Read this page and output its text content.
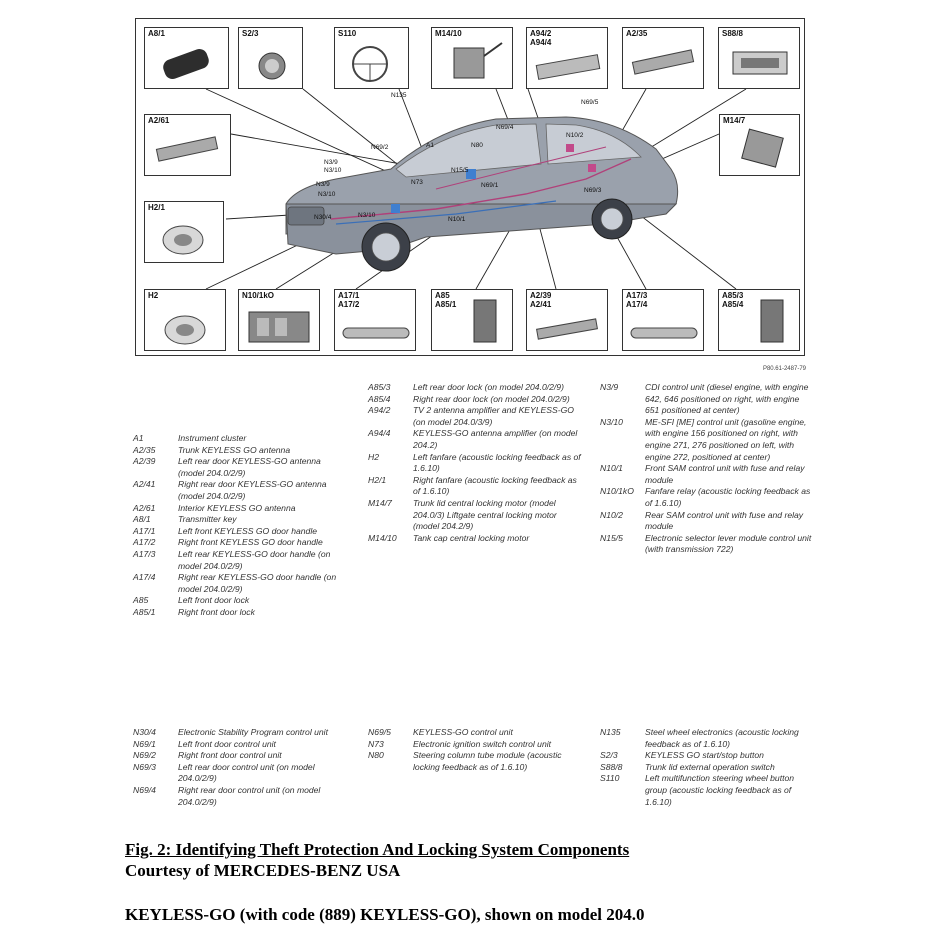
N135
N69/5
N69/4
N10/2
N69/2	A1	N80
N3/9
N3/10	N15/5
N69/1
N73
N3/9
N3/10
N30/4	N3/10
N10/1
N69/3
A8/1	S2/3	S110	M14/10	A94/2
A94/4
A2/35	S88/8
A2/61	M14/7
H2/1
H2	N10/1kO	A17/1
A17/2
A85
A85/1
A2/39
A2/41
A17/3
A17/4
A85/3
A85/4
P80.61-2487-79
A1	Instrument cluster
A2/35	Trunk KEYLESS GO antenna
A2/39	Left rear door KEYLESS-GO antenna (model 204.0/2/9)
A2/41	Right rear door KEYLESS-GO antenna (model 204.0/2/9)
A2/61	Interior KEYLESS GO antenna
A8/1	Transmitter key
A17/1	Left front KEYLESS GO door handle
A17/2	Right front KEYLESS GO door handle
A17/3	Left rear KEYLESS-GO door handle (on model 204.0/2/9)
A17/4	Right rear KEYLESS-GO door handle (on model 204.0/2/9)
A85	Left front door lock
A85/1	Right front door lock
A85/3	Left rear door lock (on model 204.0/2/9)
A85/4	Right rear door lock (on model 204.0/2/9)
A94/2	TV 2 antenna amplifier and KEYLESS-GO (on model 204.0/3/9)
A94/4	KEYLESS-GO antenna amplifier (on model 204.2)
H2	Left fanfare (acoustic locking feedback as of 1.6.10)
H2/1	Right fanfare (acoustic locking feedback as of 1.6.10)
M14/7	Trunk lid central locking motor (model 204.0/3) Liftgate central locking motor (model 204.2/9)
M14/10	Tank cap central locking motor
N3/9	CDI control unit (diesel engine, with engine 642, 646 positioned on right, with engine 651 positioned at center)
N3/10	ME-SFI [ME] control unit (gasoline engine, with engine 156 positioned on right, with engine 271, 276 positioned on left, with engine 272, positioned at center)
N10/1	Front SAM control unit with fuse and relay module
N10/1kO	Fanfare relay (acoustic locking feedback as of 1.6.10)
N10/2	Rear SAM control unit with fuse and relay module
N15/5	Electronic selector lever module control unit (with transmission 722)
N30/4	Electronic Stability Program control unit
N69/1	Left front door control unit
N69/2	Right front door control unit
N69/3	Left rear door control unit (on model 204.0/2/9)
N69/4	Right rear door control unit (on model 204.0/2/9)
N69/5	KEYLESS-GO control unit
N73	Electronic ignition switch control unit
N80	Steering column tube module (acoustic locking feedback as of 1.6.10)
N135	Steel wheel electronics (acoustic locking feedback as of 1.6.10)
S2/3	KEYLESS GO start/stop button
S88/8	Trunk lid external operation switch
S110	Left multifunction steering wheel button group (acoustic locking feedback as of 1.6.10)
Fig. 2: Identifying Theft Protection And Locking System Components
Courtesy of MERCEDES-BENZ USA
KEYLESS-GO (with code (889) KEYLESS-GO), shown on model 204.0
